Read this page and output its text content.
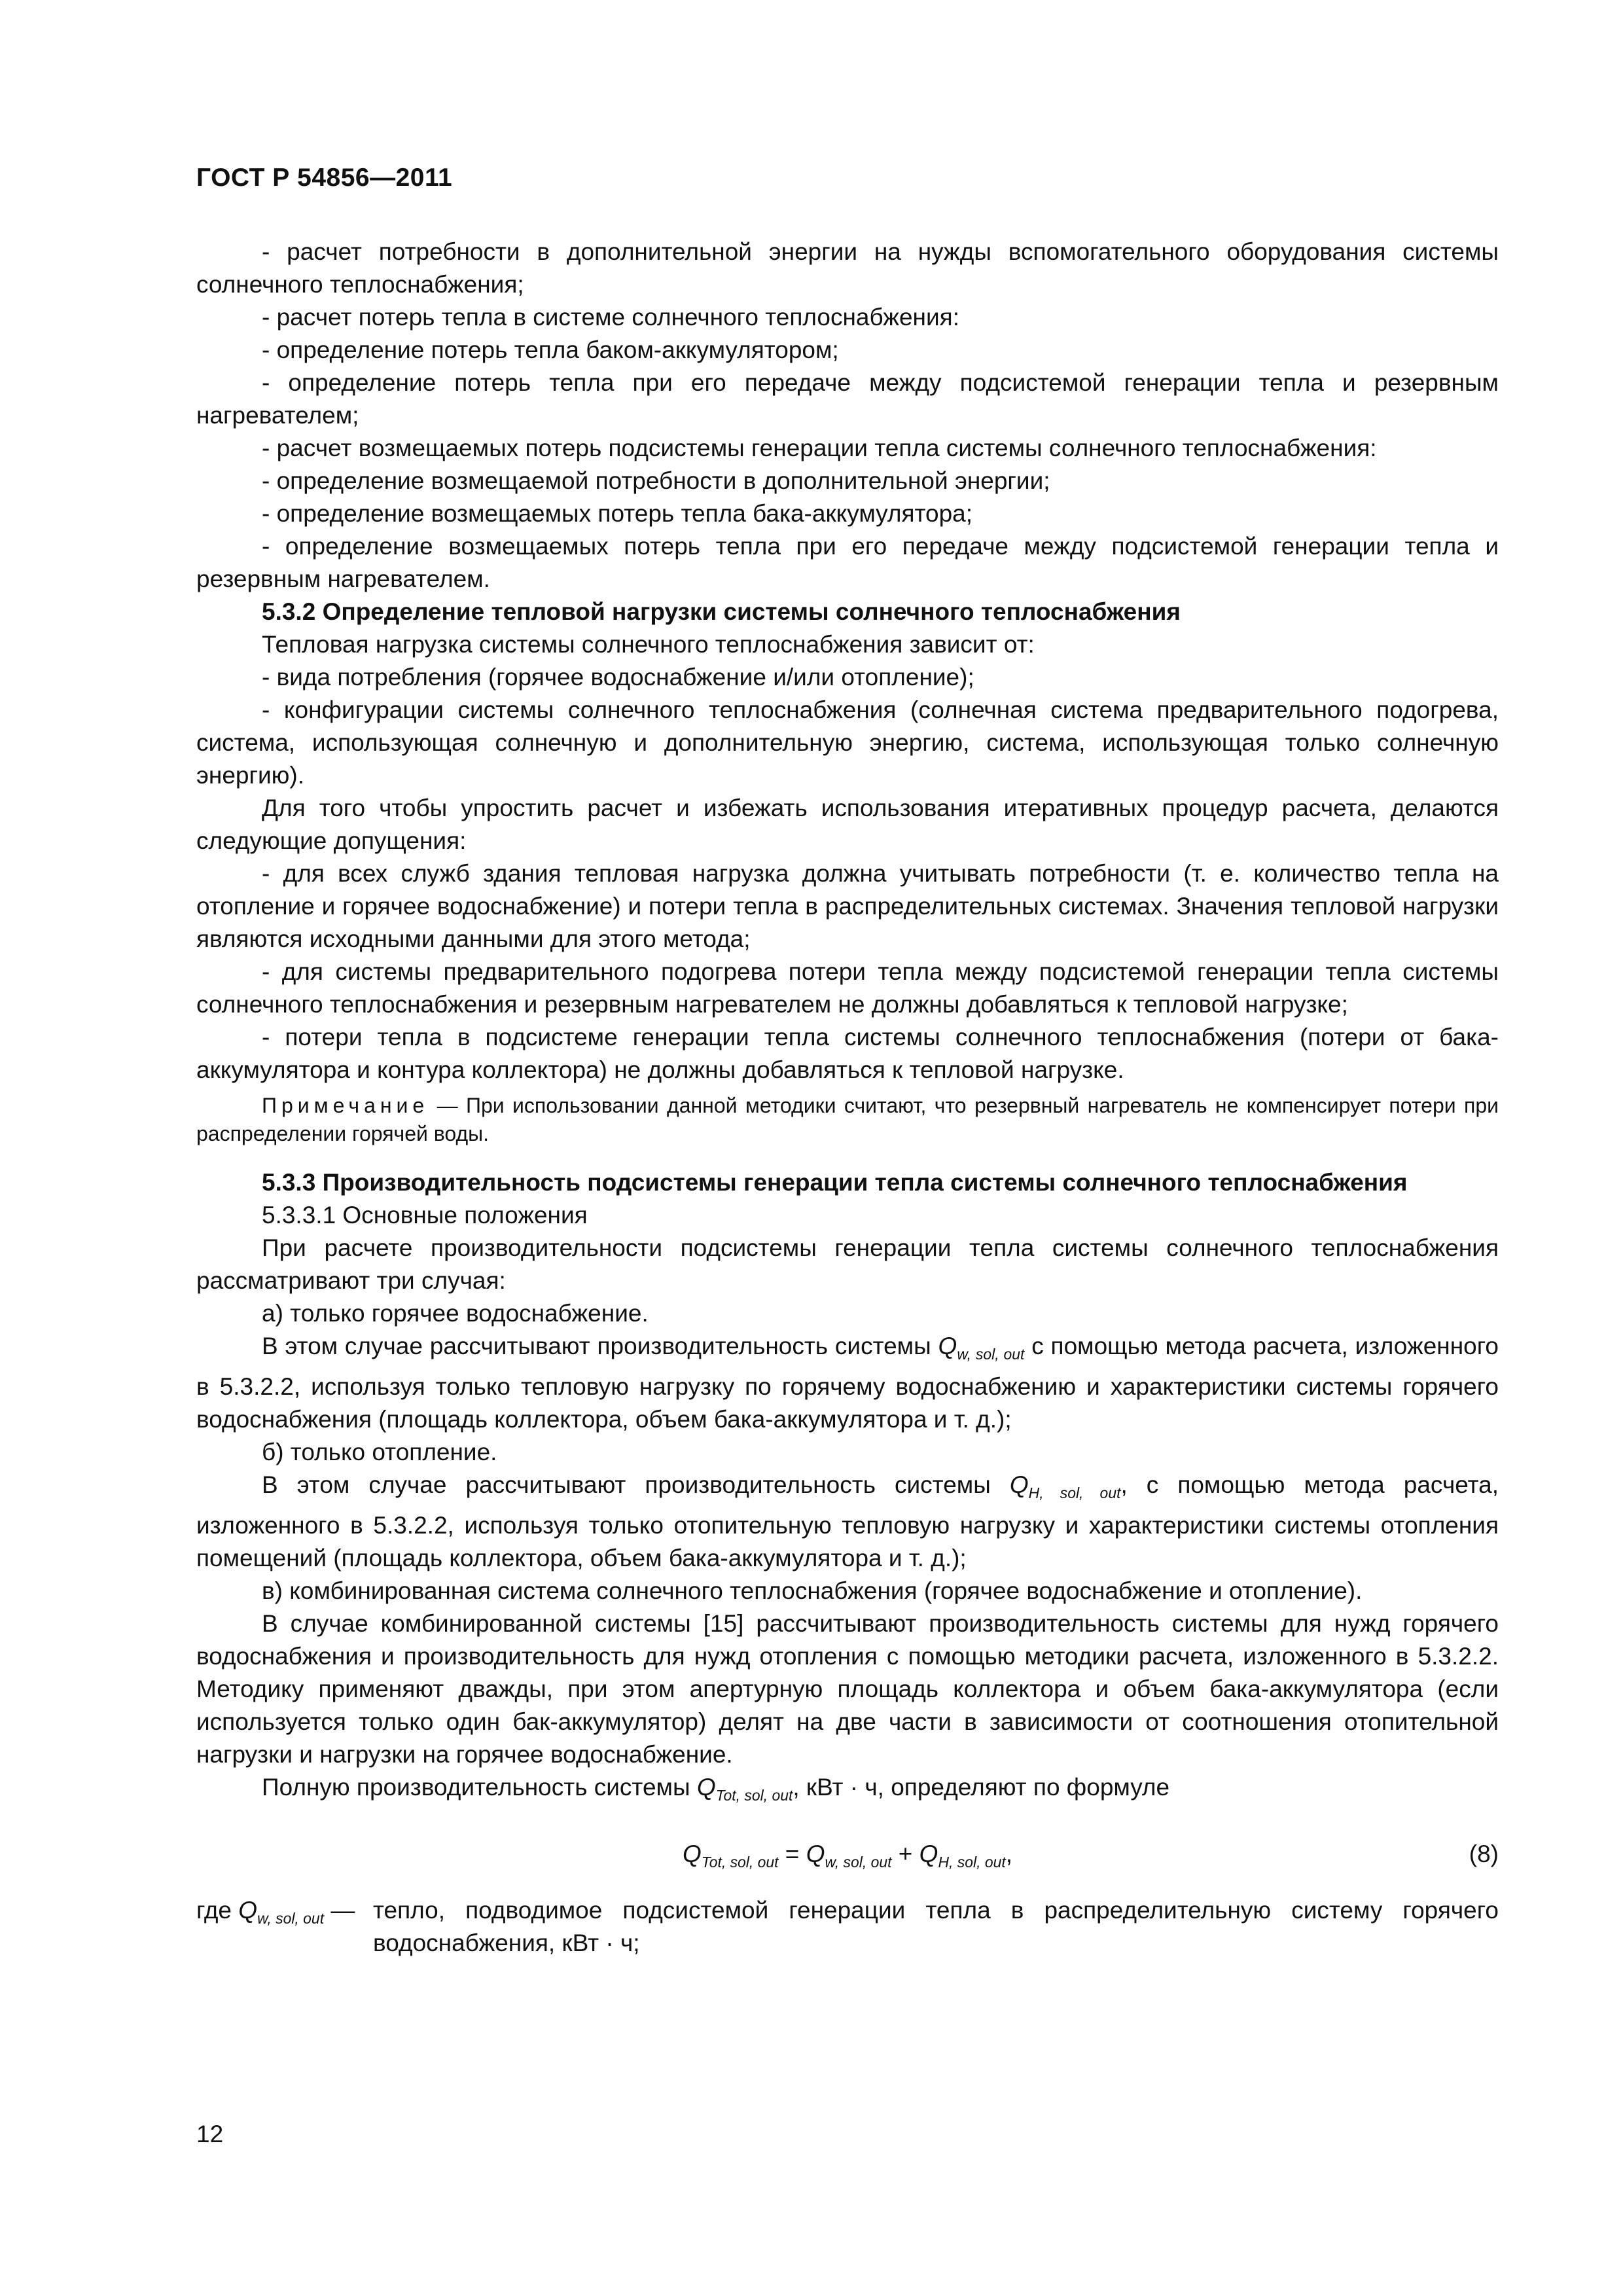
ГОСТ Р 54856—2011

- расчет потребности в дополнительной энергии на нужды вспомогательного оборудования системы солнечного теплоснабжения;

- расчет потерь тепла в системе солнечного теплоснабжения:

- определение потерь тепла баком-аккумулятором;

- определение потерь тепла при его передаче между подсистемой генерации тепла и резервным нагревателем;

- расчет возмещаемых потерь подсистемы генерации тепла системы солнечного теплоснабжения:

- определение возмещаемой потребности в дополнительной энергии;

- определение возмещаемых потерь тепла бака-аккумулятора;

- определение возмещаемых потерь тепла при его передаче между подсистемой генерации тепла и резервным нагревателем.

5.3.2 Определение тепловой нагрузки системы солнечного теплоснабжения

Тепловая нагрузка системы солнечного теплоснабжения зависит от:

- вида потребления (горячее водоснабжение и/или отопление);

- конфигурации системы солнечного теплоснабжения (солнечная система предварительного подогрева, система, использующая солнечную и дополнительную энергию, система, использующая только солнечную энергию).

Для того чтобы упростить расчет и избежать использования итеративных процедур расчета, делаются следующие допущения:

- для всех служб здания тепловая нагрузка должна учитывать потребности (т. е. количество тепла на отопление и горячее водоснабжение) и потери тепла в распределительных системах. Значения тепловой нагрузки являются исходными данными для этого метода;

- для системы предварительного подогрева потери тепла между подсистемой генерации тепла системы солнечного теплоснабжения и резервным нагревателем не должны добавляться к тепловой нагрузке;

- потери тепла в подсистеме генерации тепла системы солнечного теплоснабжения (потери от бака-аккумулятора и контура коллектора) не должны добавляться к тепловой нагрузке.

Примечание — При использовании данной методики считают, что резервный нагреватель не компенсирует потери при распределении горячей воды.

5.3.3 Производительность подсистемы генерации тепла системы солнечного теплоснабжения

5.3.3.1 Основные положения

При расчете производительности подсистемы генерации тепла системы солнечного теплоснабжения рассматривают три случая:

а) только горячее водоснабжение.

В этом случае рассчитывают производительность системы $Q_{w, sol, out}$ с помощью метода расчета, изложенного в 5.3.2.2, используя только тепловую нагрузку по горячему водоснабжению и характеристики системы горячего водоснабжения (площадь коллектора, объем бака-аккумулятора и т. д.);

б) только отопление.

В этом случае рассчитывают производительность системы $Q_{H, sol, out}$, с помощью метода расчета, изложенного в 5.3.2.2, используя только отопительную тепловую нагрузку и характеристики системы отопления помещений (площадь коллектора, объем бака-аккумулятора и т. д.);

в) комбинированная система солнечного теплоснабжения (горячее водоснабжение и отопление).

В случае комбинированной системы [15] рассчитывают производительность системы для нужд горячего водоснабжения и производительность для нужд отопления с помощью методики расчета, изложенного в 5.3.2.2. Методику применяют дважды, при этом апертурную площадь коллектора и объем бака-аккумулятора (если используется только один бак-аккумулятор) делят на две части в зависимости от соотношения отопительной нагрузки и нагрузки на горячее водоснабжение.

Полную производительность системы $Q_{Tot, sol, out}$, кВт · ч, определяют по формуле

$Q_{Tot, sol, out} = Q_{w, sol, out} + Q_{H, sol, out}$,	(8)
где $Q_{w, sol, out}$ — тепло, подводимое подсистемой генерации тепла в распределительную систему горячего водоснабжения, кВт · ч;
12
